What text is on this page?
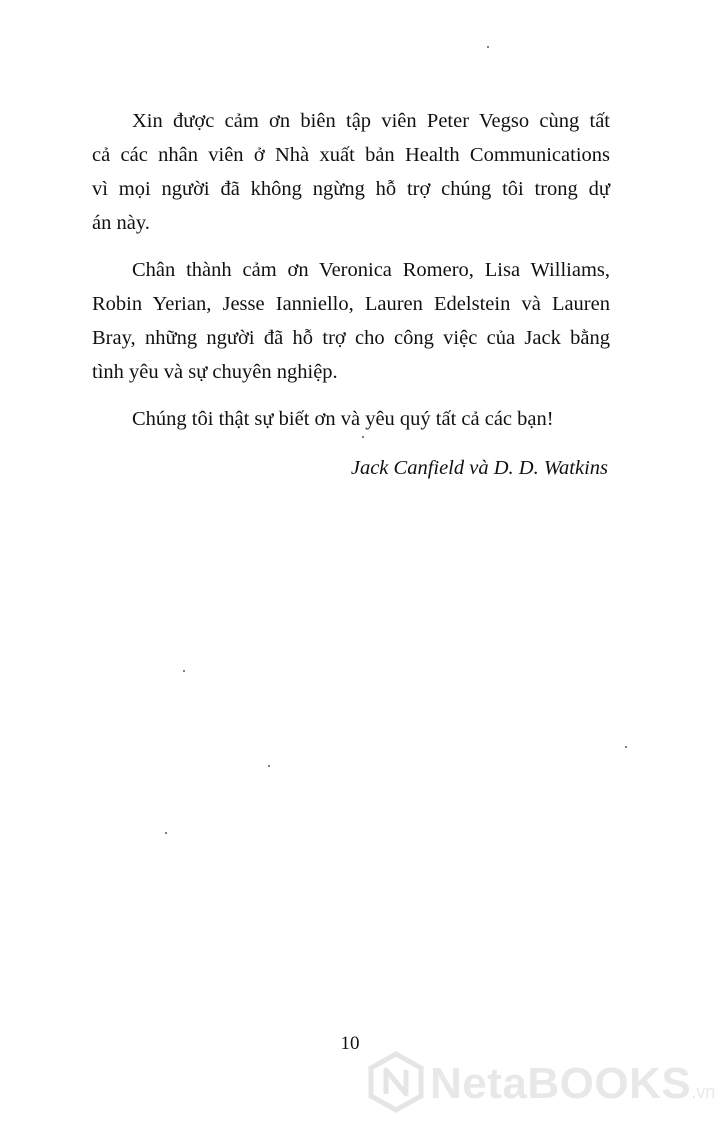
Xin được cảm ơn biên tập viên Peter Vegso cùng tất
cả các nhân viên ở Nhà xuất bản Health Communications
vì mọi người đã không ngừng hỗ trợ chúng tôi trong dự
án này.

Chân thành cảm ơn Veronica Romero, Lisa Williams,
Robin Yerian, Jesse Ianniello, Lauren Edelstein và Lauren
Bray, những người đã hỗ trợ cho công việc của Jack bằng
tình yêu và sự chuyên nghiệp.

Chúng tôi thật sự biết ơn và yêu quý tất cả các bạn!

Jack Canfield và D. D. Watkins
10
NetaBOOKS.vn
